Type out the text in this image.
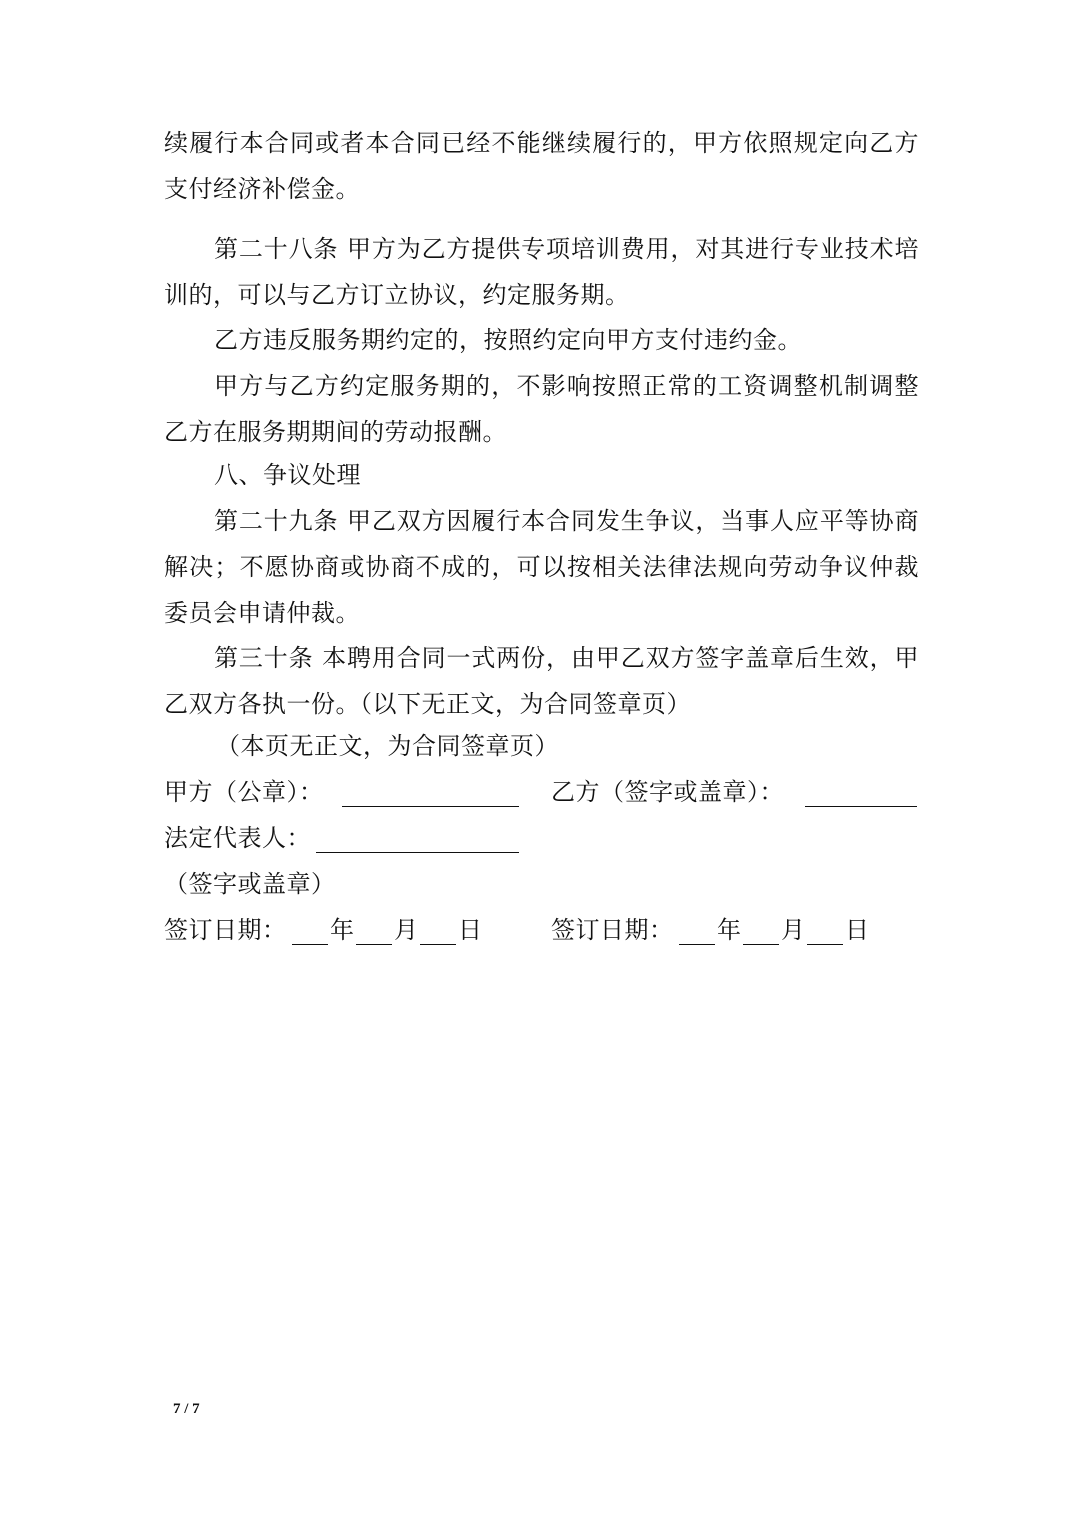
续履行本合同或者本合同已经不能继续履行的，甲方依照规定向乙方支付经济补偿金。

第二十八条 甲方为乙方提供专项培训费用，对其进行专业技术培训的，可以与乙方订立协议，约定服务期。

乙方违反服务期约定的，按照约定向甲方支付违约金。

甲方与乙方约定服务期的，不影响按照正常的工资调整机制调整乙方在服务期期间的劳动报酬。

八、争议处理

第二十九条 甲乙双方因履行本合同发生争议，当事人应平等协商解决；不愿协商或协商不成的，可以按相关法律法规向劳动争议仲裁委员会申请仲裁。

第三十条 本聘用合同一式两份，由甲乙双方签字盖章后生效，甲乙双方各执一份。（以下无正文，为合同签章页）

（本页无正文，为合同签章页）
甲方（公章）：	乙方（签字或盖章）：
法定代表人：
（签字或盖章）
签订日期： 年 月 日	签订日期： 年 月 日
7 / 7
